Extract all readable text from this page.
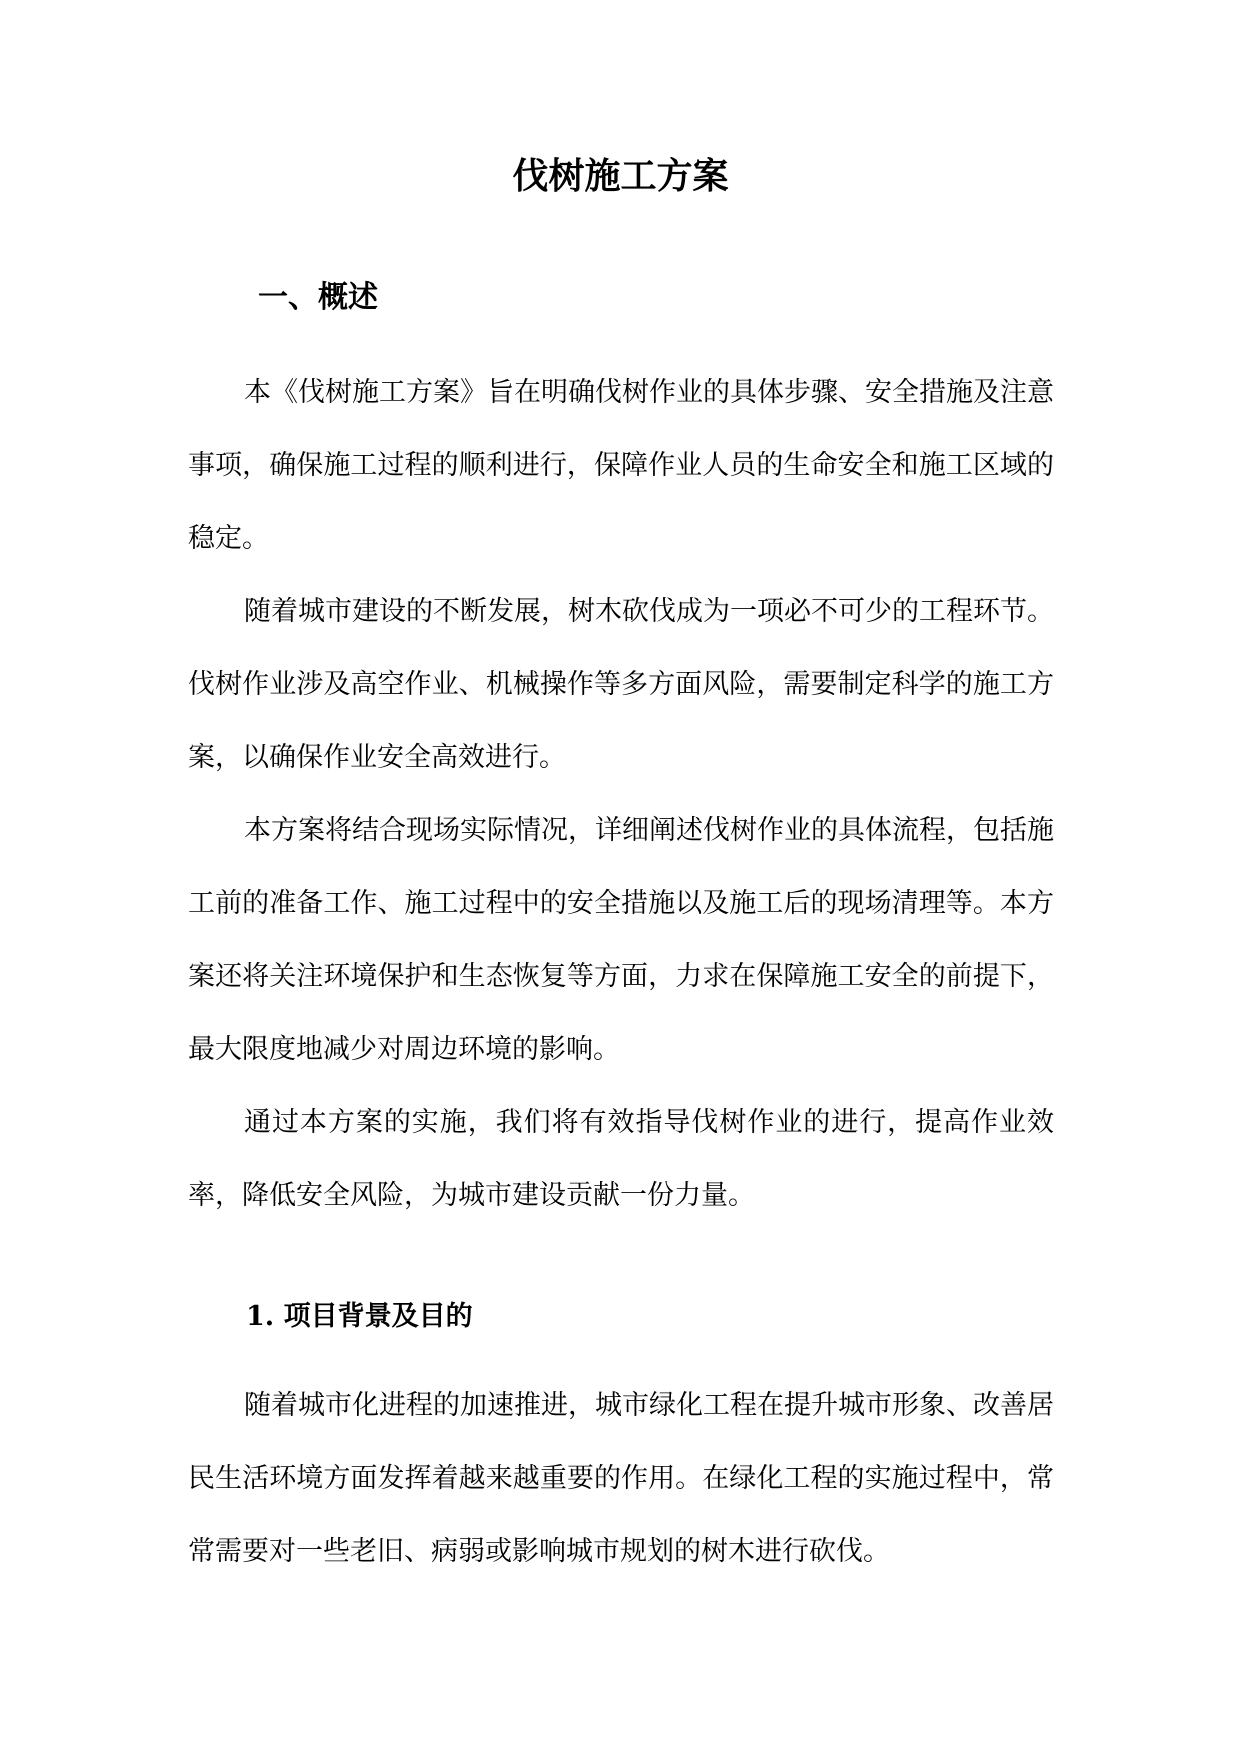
伐树施工方案
一、概述

本《伐树施工方案》旨在明确伐树作业的具体步骤、安全措施及注意事项，确保施工过程的顺利进行，保障作业人员的生命安全和施工区域的稳定。

随着城市建设的不断发展，树木砍伐成为一项必不可少的工程环节。伐树作业涉及高空作业、机械操作等多方面风险，需要制定科学的施工方案，以确保作业安全高效进行。

本方案将结合现场实际情况，详细阐述伐树作业的具体流程，包括施工前的准备工作、施工过程中的安全措施以及施工后的现场清理等。本方案还将关注环境保护和生态恢复等方面，力求在保障施工安全的前提下，最大限度地减少对周边环境的影响。

通过本方案的实施，我们将有效指导伐树作业的进行，提高作业效率，降低安全风险，为城市建设贡献一份力量。

1. 项目背景及目的

随着城市化进程的加速推进，城市绿化工程在提升城市形象、改善居民生活环境方面发挥着越来越重要的作用。在绿化工程的实施过程中，常常需要对一些老旧、病弱或影响城市规划的树木进行砍伐。
